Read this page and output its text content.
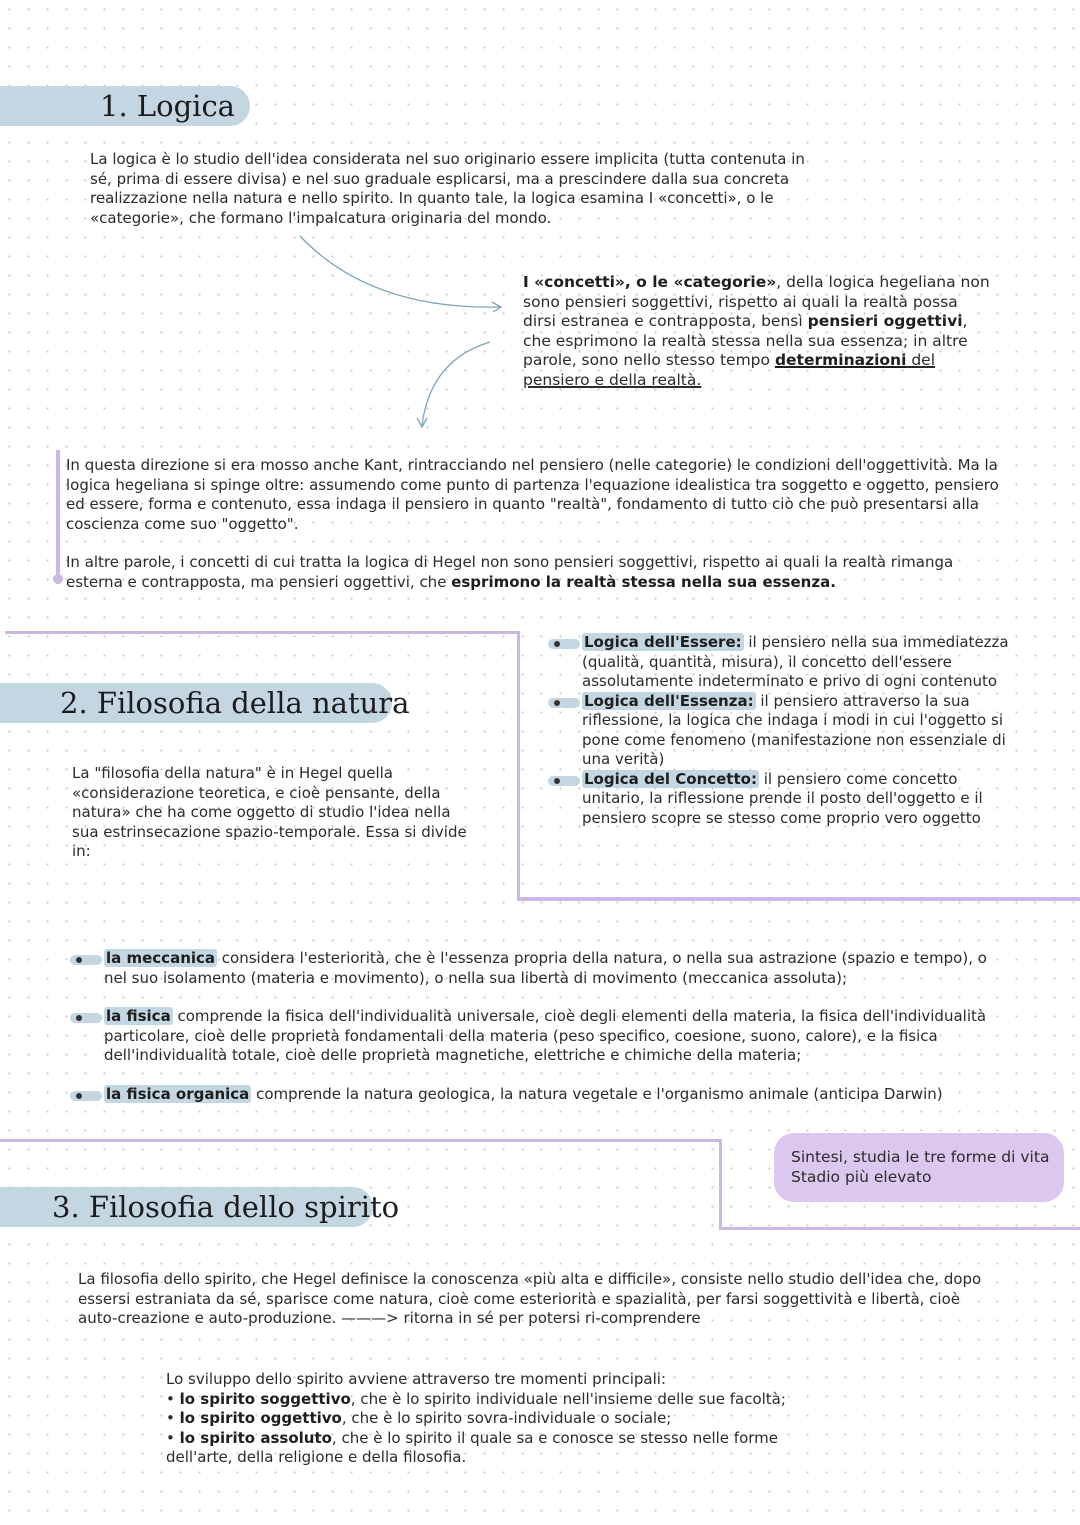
1. Logica

La logica è lo studio dell'idea considerata nel suo originario essere implicita (tutta contenuta in sé, prima di essere divisa) e nel suo graduale esplicarsi, ma a prescindere dalla sua concreta realizzazione nella natura e nello spirito. In quanto tale, la logica esamina I «concetti», o le «categorie», che formano l'impalcatura originaria del mondo.

I «concetti», o le «categorie», della logica hegeliana non sono pensieri soggettivi, rispetto ai quali la realtà possa dirsi estranea e contrapposta, bensì pensieri oggettivi, che esprimono la realtà stessa nella sua essenza; in altre parole, sono nello stesso tempo determinazioni del pensiero e della realtà.

In questa direzione si era mosso anche Kant, rintracciando nel pensiero (nelle categorie) le condizioni dell'oggettività. Ma la logica hegeliana si spinge oltre: assumendo come punto di partenza l'equazione idealistica tra soggetto e oggetto, pensiero ed essere, forma e contenuto, essa indaga il pensiero in quanto "realtà", fondamento di tutto ciò che può presentarsi alla coscienza come suo "oggetto".

In altre parole, i concetti di cui tratta la logica di Hegel non sono pensieri soggettivi, rispetto ai quali la realtà rimanga esterna e contrapposta, ma pensieri oggettivi, che esprimono la realtà stessa nella sua essenza.

2. Filosofia della natura

La "filosofia della natura" è in Hegel quella «considerazione teoretica, e cioè pensante, della natura» che ha come oggetto di studio l'idea nella sua estrinsecazione spazio-temporale. Essa si divide in:

Logica dell'Essere: il pensiero nella sua immediatezza (qualità, quantità, misura), il concetto dell'essere assolutamente indeterminato e privo di ogni contenuto
Logica dell'Essenza: il pensiero attraverso la sua riflessione, la logica che indaga i modi in cui l'oggetto si pone come fenomeno (manifestazione non essenziale di una verità)
Logica del Concetto: il pensiero come concetto unitario, la riflessione prende il posto dell'oggetto e il pensiero scopre se stesso come proprio vero oggetto
la meccanica considera l'esteriorità, che è l'essenza propria della natura, o nella sua astrazione (spazio e tempo), o nel suo isolamento (materia e movimento), o nella sua libertà di movimento (meccanica assoluta);
la fisica comprende la fisica dell'individualità universale, cioè degli elementi della materia, la fisica dell'individualità particolare, cioè delle proprietà fondamentali della materia (peso specifico, coesione, suono, calore), e la fisica dell'individualità totale, cioè delle proprietà magnetiche, elettriche e chimiche della materia;
la fisica organica comprende la natura geologica, la natura vegetale e l'organismo animale (anticipa Darwin)
Sintesi, studia le tre forme di vita
Stadio più elevato
3. Filosofia dello spirito

La filosofia dello spirito, che Hegel definisce la conoscenza «più alta e difficile», consiste nello studio dell'idea che, dopo essersi estraniata da sé, sparisce come natura, cioè come esteriorità e spazialità, per farsi soggettività e libertà, cioè auto-creazione e auto-produzione. ———> ritorna in sé per potersi ri-comprendere

Lo sviluppo dello spirito avviene attraverso tre momenti principali:

• lo spirito soggettivo, che è lo spirito individuale nell'insieme delle sue facoltà;

• lo spirito oggettivo, che è lo spirito sovra-individuale o sociale;

• lo spirito assoluto, che è lo spirito il quale sa e conosce se stesso nelle forme dell'arte, della religione e della filosofia.
